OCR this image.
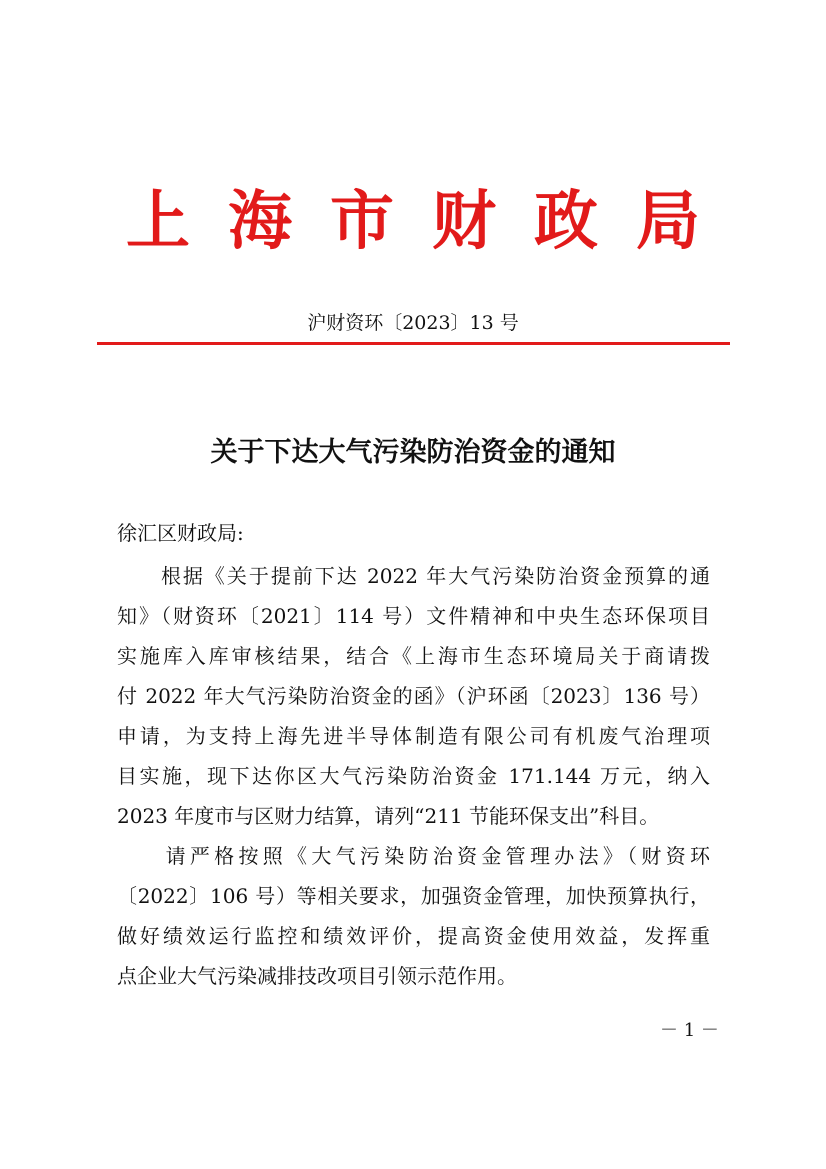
上海市财政局
沪财资环〔2023〕13 号
关于下达大气污染防治资金的通知
徐汇区财政局:
　　根据《关于提前下达 2022 年大气污染防治资金预算的通
知》（财资环〔2021〕114 号）文件精神和中央生态环保项目
实施库入库审核结果，结合《上海市生态环境局关于商请拨
付 2022 年大气污染防治资金的函》（沪环函〔2023〕136 号）
申请，为支持上海先进半导体制造有限公司有机废气治理项
目实施，现下达你区大气污染防治资金 171.144 万元，纳入
2023 年度市与区财力结算，请列“211 节能环保支出”科目。
　　请严格按照《大气污染防治资金管理办法》（财资环
〔2022〕106 号）等相关要求，加强资金管理，加快预算执行，
做好绩效运行监控和绩效评价，提高资金使用效益，发挥重
点企业大气污染减排技改项目引领示范作用。
－ 1 －
